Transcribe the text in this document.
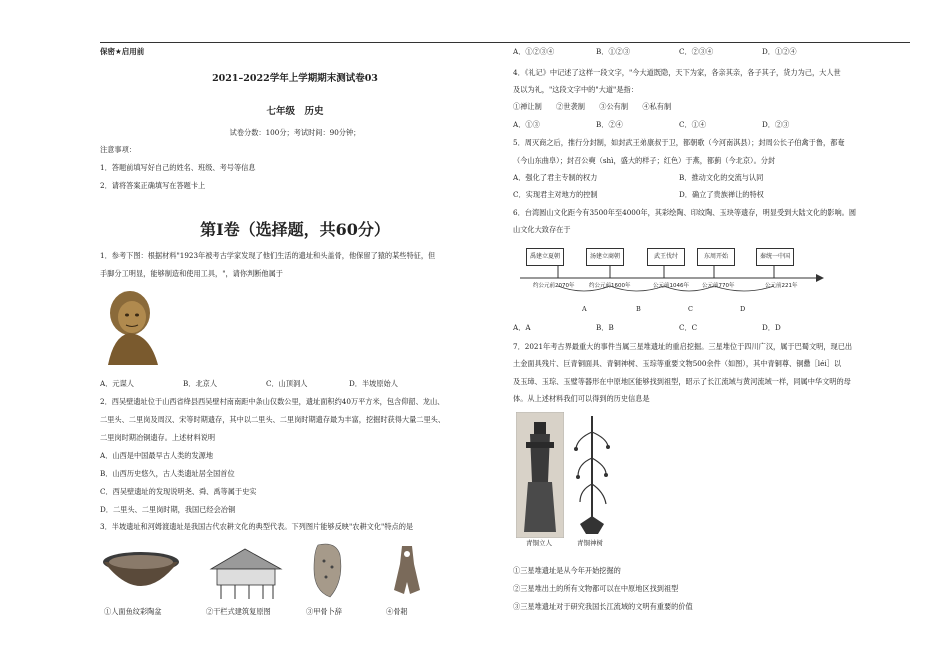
保密★启用前
2021–2022学年上学期期末测试卷03
七年级　历史
试卷分数：100分；考试时间：90分钟；
注意事项：
1．答题前填写好自己的姓名、班级、考号等信息
2．请将答案正确填写在答题卡上
第I卷（选择题，共60分）
1．参考下图：根据材料"1923年被考古学家发现了他们生活的遗址和头盖骨，他保留了猿的某些特征，但
手脚分工明显，能够制造和使用工具，"，请你判断他属于
A．元谋人	B．北京人	C．山顶洞人	D．半坡原始人
2．西吴壁遗址位于山西省绛县西吴壁村南南距中条山仅数公里，遗址面积约40万平方米，包含仰韶、龙山、
二里头、二里岗及周汉、宋等时期遗存，其中以二里头、二里岗时期遗存最为丰富，挖掘时获得大量二里头、
二里岗时期冶铜遗存。上述材料说明
A．山西是中国最早古人类的发源地
B．山西历史悠久，古人类遗址居全国首位
C．西吴壁遗址的发现说明尧、舜、禹等属于史实
D．二里头、二里岗时期，我国已经会冶铜
3．半坡遗址和河姆渡遗址是我国古代农耕文化的典型代表。下列图片能够反映"农耕文化"特点的是
①人面鱼纹彩陶盆	②干栏式建筑复原图	③甲骨卜辞	④骨耜
A．①②③④	B．①②③	C．②③④	D．①②④
4．《礼记》中记述了这样一段文字，"今大道既隐，天下为家，各亲其亲，各子其子，货力为己，大人世
及以为礼，"这段文字中的"大道"是指：
①禅让制　　②世袭制　　③公有制　　④私有制
A．①③	B．②④	C．①④	D．②③
5．周灭商之后，推行分封制，如封武王弟康叔于卫，都朝歌（今河南淇县）；封周公长子伯禽于鲁，都奄
（今山东曲阜）；封召公奭（shì，盛大的样子；红色）于燕，都蓟（今北京）。分封
A．强化了君主专制的权力	B．推动文化的交流与认同
C．实现君主对地方的控制	D．确立了贵族禅让的特权
6．台湾圆山文化距今有3500年至4000年，其彩绘陶、印纹陶、玉玦等遗存，明显受到大陆文化的影响。圆
山文化大致存在于
禹建立夏朝	汤建立商朝	武王伐纣	东周开始	秦统一中国
约公元前2070年	约公元前1600年	公元前1046年 公元前770年	公元前221年
A	B	C	D
A．A	B．B	C．C	D．D
7．2021年考古界最重大的事件当属三星堆遗址的重启挖掘。三星堆位于四川广汉，属于巴蜀文明，现已出
土金面具残片、巨青铜面具、青铜神树、玉琮等重要文物500余件（如图），其中青铜尊、铜罍［léi］以
及玉璋、玉琮、玉璧等器形在中原地区能够找到祖型，昭示了长江流域与黄河流域一样，同属中华文明的母
体。从上述材料我们可以得到的历史信息是
青铜立人	青铜神树
①三星堆遗址是从今年开始挖掘的
②三星堆出土的所有文物都可以在中原地区找到祖型
③三星堆遗址对于研究我国长江流域的文明有重要的价值
